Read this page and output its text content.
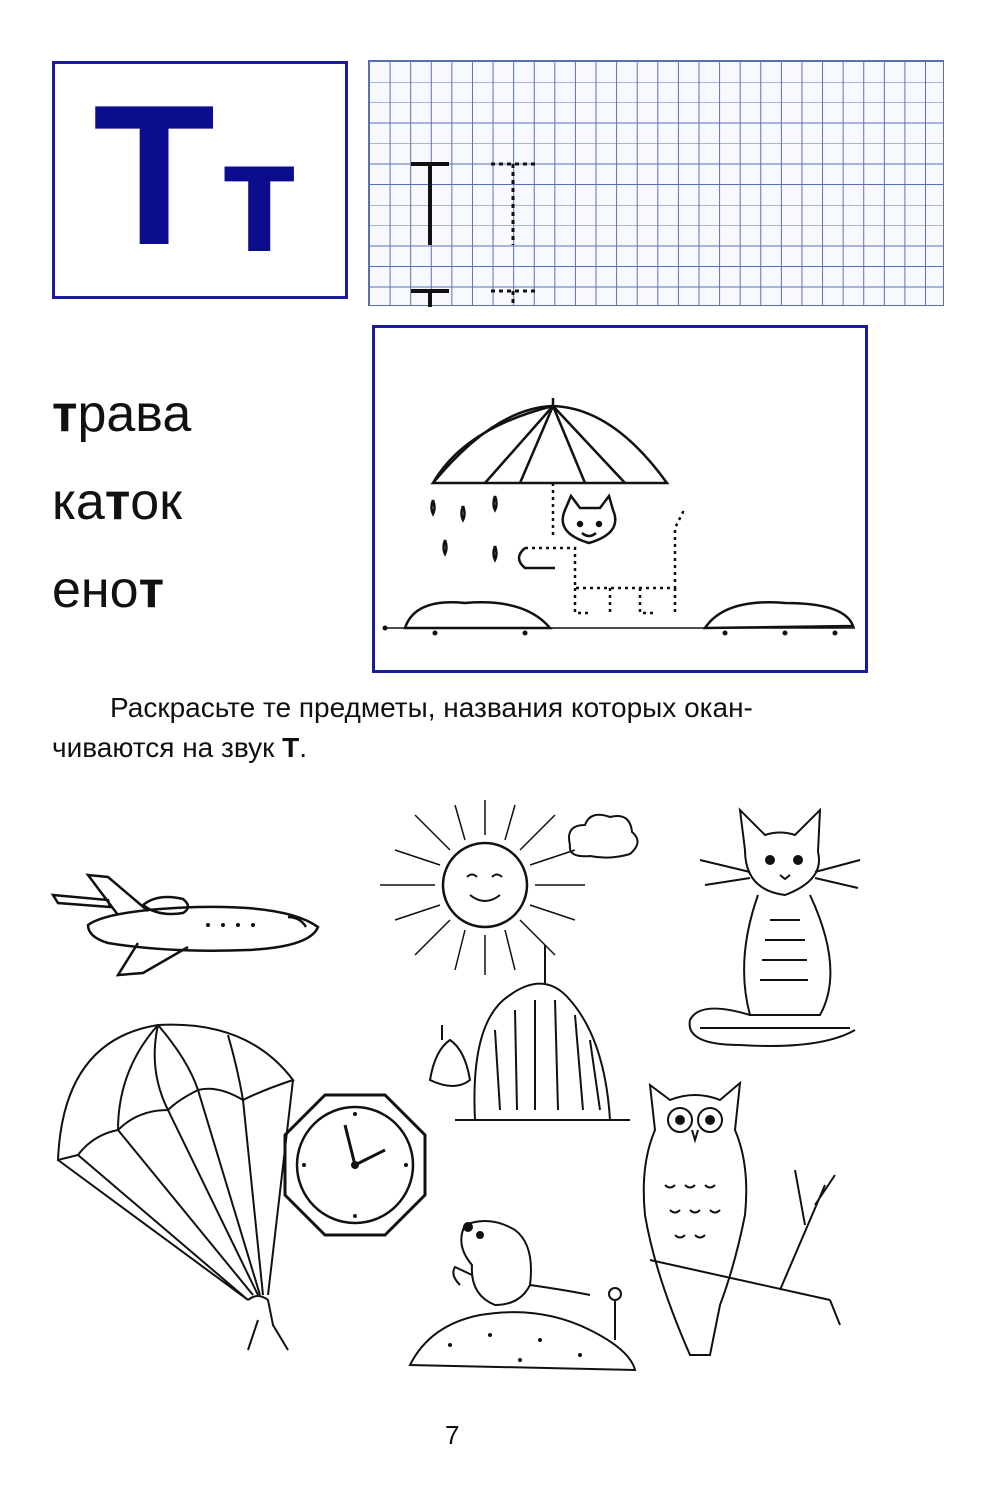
Т т

трава

каток

енот

Раскрасьте те предметы, названия которых окан-
чиваются на звук Т.
7
